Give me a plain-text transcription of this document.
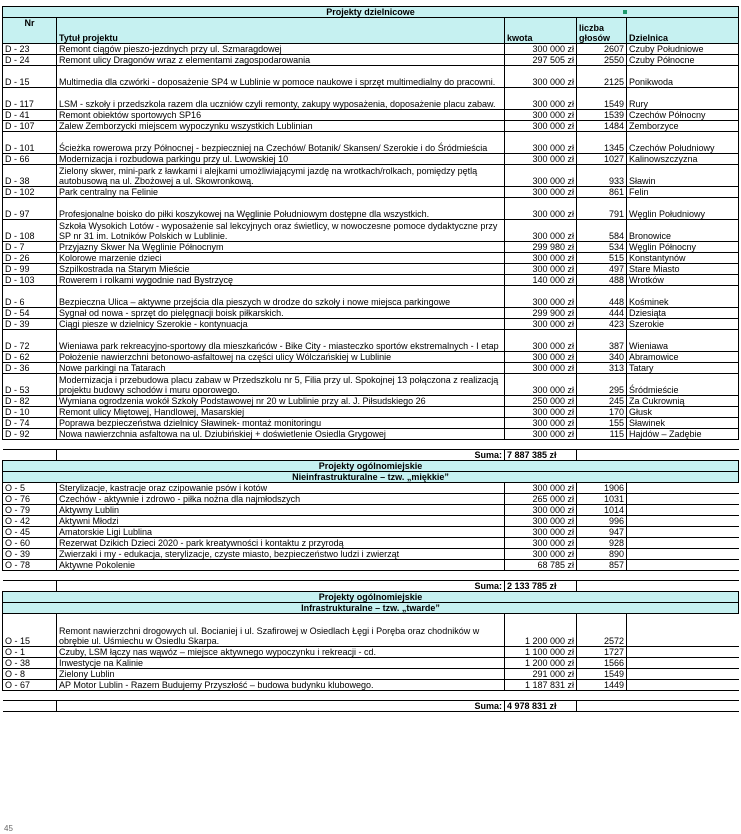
Projekty dzielnicowe				
Nr	Tytuł projektu	kwota	liczba głosów	Dzielnica
D - 23	Remont ciągów pieszo-jezdnych przy ul. Szmaragdowej	300 000 zł	2607	Czuby Południowe
D - 24	Remont ulicy Dragonów wraz z elementami zagospodarowania	297 505 zł	2550	Czuby Północne
D - 15	Multimedia dla czwórki - doposażenie SP4 w Lublinie w pomoce naukowe i sprzęt multimedialny do pracowni.	300 000 zł	2125	Ponikwoda
D - 117	LSM - szkoły i przedszkola razem dla uczniów czyli remonty, zakupy wyposażenia, doposażenie placu zabaw.	300 000 zł	1549	Rury
D - 41	Remont obiektów sportowych SP16	300 000 zł	1539	Czechów Północny
D - 107	Zalew Zemborzycki miejscem wypoczynku wszystkich Lublinian	300 000 zł	1484	Zemborzyce
D - 101	Ścieżka rowerowa przy Północnej - bezpieczniej na Czechów/ Botanik/ Skansen/ Szerokie i do Śródmieścia	300 000 zł	1345	Czechów Południowy
D - 66	Modernizacja i rozbudowa parkingu przy ul. Lwowskiej 10	300 000 zł	1027	Kalinowszczyzna
D - 38	Zielony skwer, mini-park z ławkami i alejkami umożliwiającymi jazdę na wrotkach/rolkach, pomiędzy pętlą autobusową na ul. Zbożowej a ul. Skowronkową.	300 000 zł	933	Sławin
D - 102	Park centralny na Felinie	300 000 zł	861	Felin
D - 97	Profesjonalne boisko do piłki koszykowej na Węglinie Południowym dostępne dla wszystkich.	300 000 zł	791	Węglin Południowy
D - 108	Szkoła Wysokich Lotów - wyposażenie sal lekcyjnych oraz świetlicy, w nowoczesne pomoce dydaktyczne przy SP nr 31 im. Lotników Polskich w Lublinie.	300 000 zł	584	Bronowice
D - 7	Przyjazny Skwer Na Węglinie Północnym	299 980 zł	534	Węglin Północny
D - 26	Kolorowe marzenie dzieci	300 000 zł	515	Konstantynów
D - 99	Szpilkostrada na Starym Mieście	300 000 zł	497	Stare Miasto
D - 103	Rowerem i rolkami wygodnie nad Bystrzycę	140 000 zł	488	Wrotków
D - 6	Bezpieczna Ulica – aktywne przejścia dla pieszych w drodze do szkoły i nowe miejsca parkingowe	300 000 zł	448	Kośminek
D - 54	Sygnał od nowa - sprzęt do pielęgnacji boisk piłkarskich.	299 900 zł	444	Dziesiąta
D - 39	Ciągi piesze w dzielnicy Szerokie - kontynuacja	300 000 zł	423	Szerokie
D - 72	Wieniawa park rekreacyjno-sportowy dla mieszkańców - Bike City - miasteczko sportów ekstremalnych - I etap	300 000 zł	387	Wieniawa
D - 62	Położenie nawierzchni betonowo-asfaltowej na części ulicy Wólczańskiej w Lublinie	300 000 zł	340	Abramowice
D - 36	Nowe parkingi na Tatarach	300 000 zł	313	Tatary
D - 53	Modernizacja i przebudowa placu zabaw w Przedszkolu nr 5, Filia przy ul. Spokojnej 13 połączona z realizacją projektu budowy schodów i muru oporowego.	300 000 zł	295	Śródmieście
D - 82	Wymiana ogrodzenia wokół Szkoły Podstawowej nr 20 w Lublinie przy al. J. Piłsudskiego 26	250 000 zł	245	Za Cukrownią
D - 10	Remont ulicy Miętowej, Handlowej, Masarskiej	300 000 zł	170	Głusk
D - 74	Poprawa bezpieczeństwa dzielnicy Sławinek- montaż monitoringu	300 000 zł	155	Sławinek
D - 92	Nowa nawierzchnia asfaltowa na ul. Dziubińskiej + doświetlenie Osiedla Grygowej	300 000 zł	115	Hajdów – Zadębie

	Suma:	7 887 385 zł		
Projekty ogólnomiejskie				
Nieinfrastrukturalne – tzw. „miękkie”				
O - 5	Sterylizacje, kastracje oraz czipowanie psów i kotów	300 000 zł	1906	
O - 76	Czechów - aktywnie i zdrowo - piłka nożna dla najmłodszych	265 000 zł	1031	
O - 79	Aktywny Lublin	300 000 zł	1014	
O - 42	Aktywni Młodzi	300 000 zł	996	
O - 45	Amatorskie Ligi Lublina	300 000 zł	947	
O - 60	Rezerwat Dzikich Dzieci 2020 - park kreatywności i kontaktu z przyrodą	300 000 zł	928	
O - 39	Zwierzaki i my - edukacja, sterylizacje, czyste miasto, bezpieczeństwo ludzi i zwierząt	300 000 zł	890	
O - 78	Aktywne Pokolenie	68 785 zł	857	

	Suma:	2 133 785 zł		
Projekty ogólnomiejskie				
Infrastrukturalne – tzw. „twarde”				
O - 15	Remont nawierzchni drogowych ul. Bocianiej i ul. Szafirowej w Osiedlach Łęgi i Poręba oraz chodników w obrębie ul. Uśmiechu w Osiedlu Skarpa.	1 200 000 zł	2572	
O - 1	Czuby, LSM łączy nas wąwóz – miejsce aktywnego wypoczynku i rekreacji - cd.	1 100 000 zł	1727	
O - 38	Inwestycje na Kalinie	1 200 000 zł	1566	
O - 8	Zielony Lublin	291 000 zł	1549	
O - 67	AP Motor Lublin - Razem Budujemy Przyszłość – budowa budynku klubowego.	1 187 831 zł	1449	

	Suma:	4 978 831 zł		
45
